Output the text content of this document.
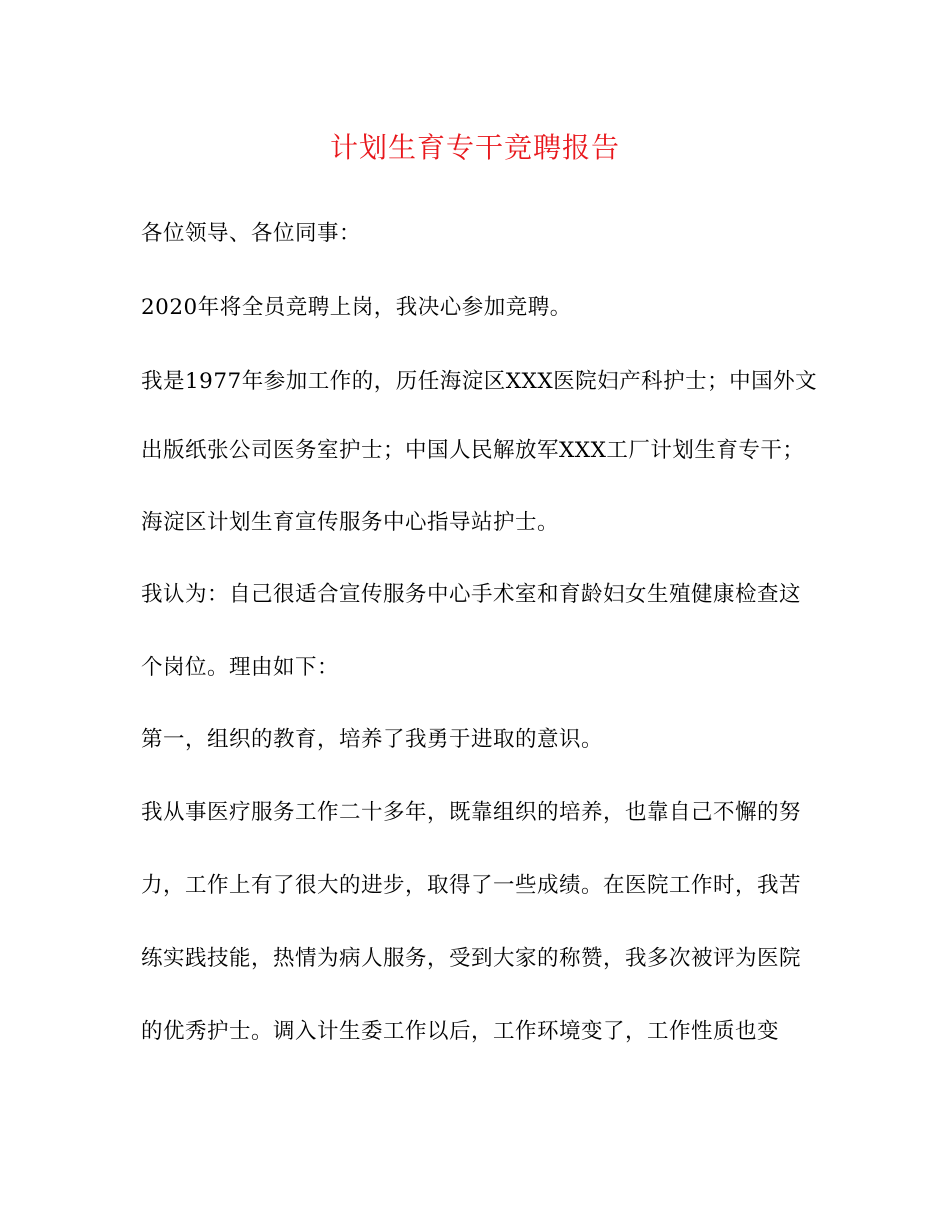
计划生育专干竞聘报告
各位领导、各位同事：
2020年将全员竞聘上岗，我决心参加竞聘。
我是1977年参加工作的，历任海淀区XXX医院妇产科护士；中国外文
出版纸张公司医务室护士；中国人民解放军XXX工厂计划生育专干；
海淀区计划生育宣传服务中心指导站护士。
我认为：自己很适合宣传服务中心手术室和育龄妇女生殖健康检查这
个岗位。理由如下：
第一，组织的教育，培养了我勇于进取的意识。
我从事医疗服务工作二十多年，既靠组织的培养，也靠自己不懈的努
力，工作上有了很大的进步，取得了一些成绩。在医院工作时，我苦
练实践技能，热情为病人服务，受到大家的称赞，我多次被评为医院
的优秀护士。调入计生委工作以后，工作环境变了，工作性质也变
